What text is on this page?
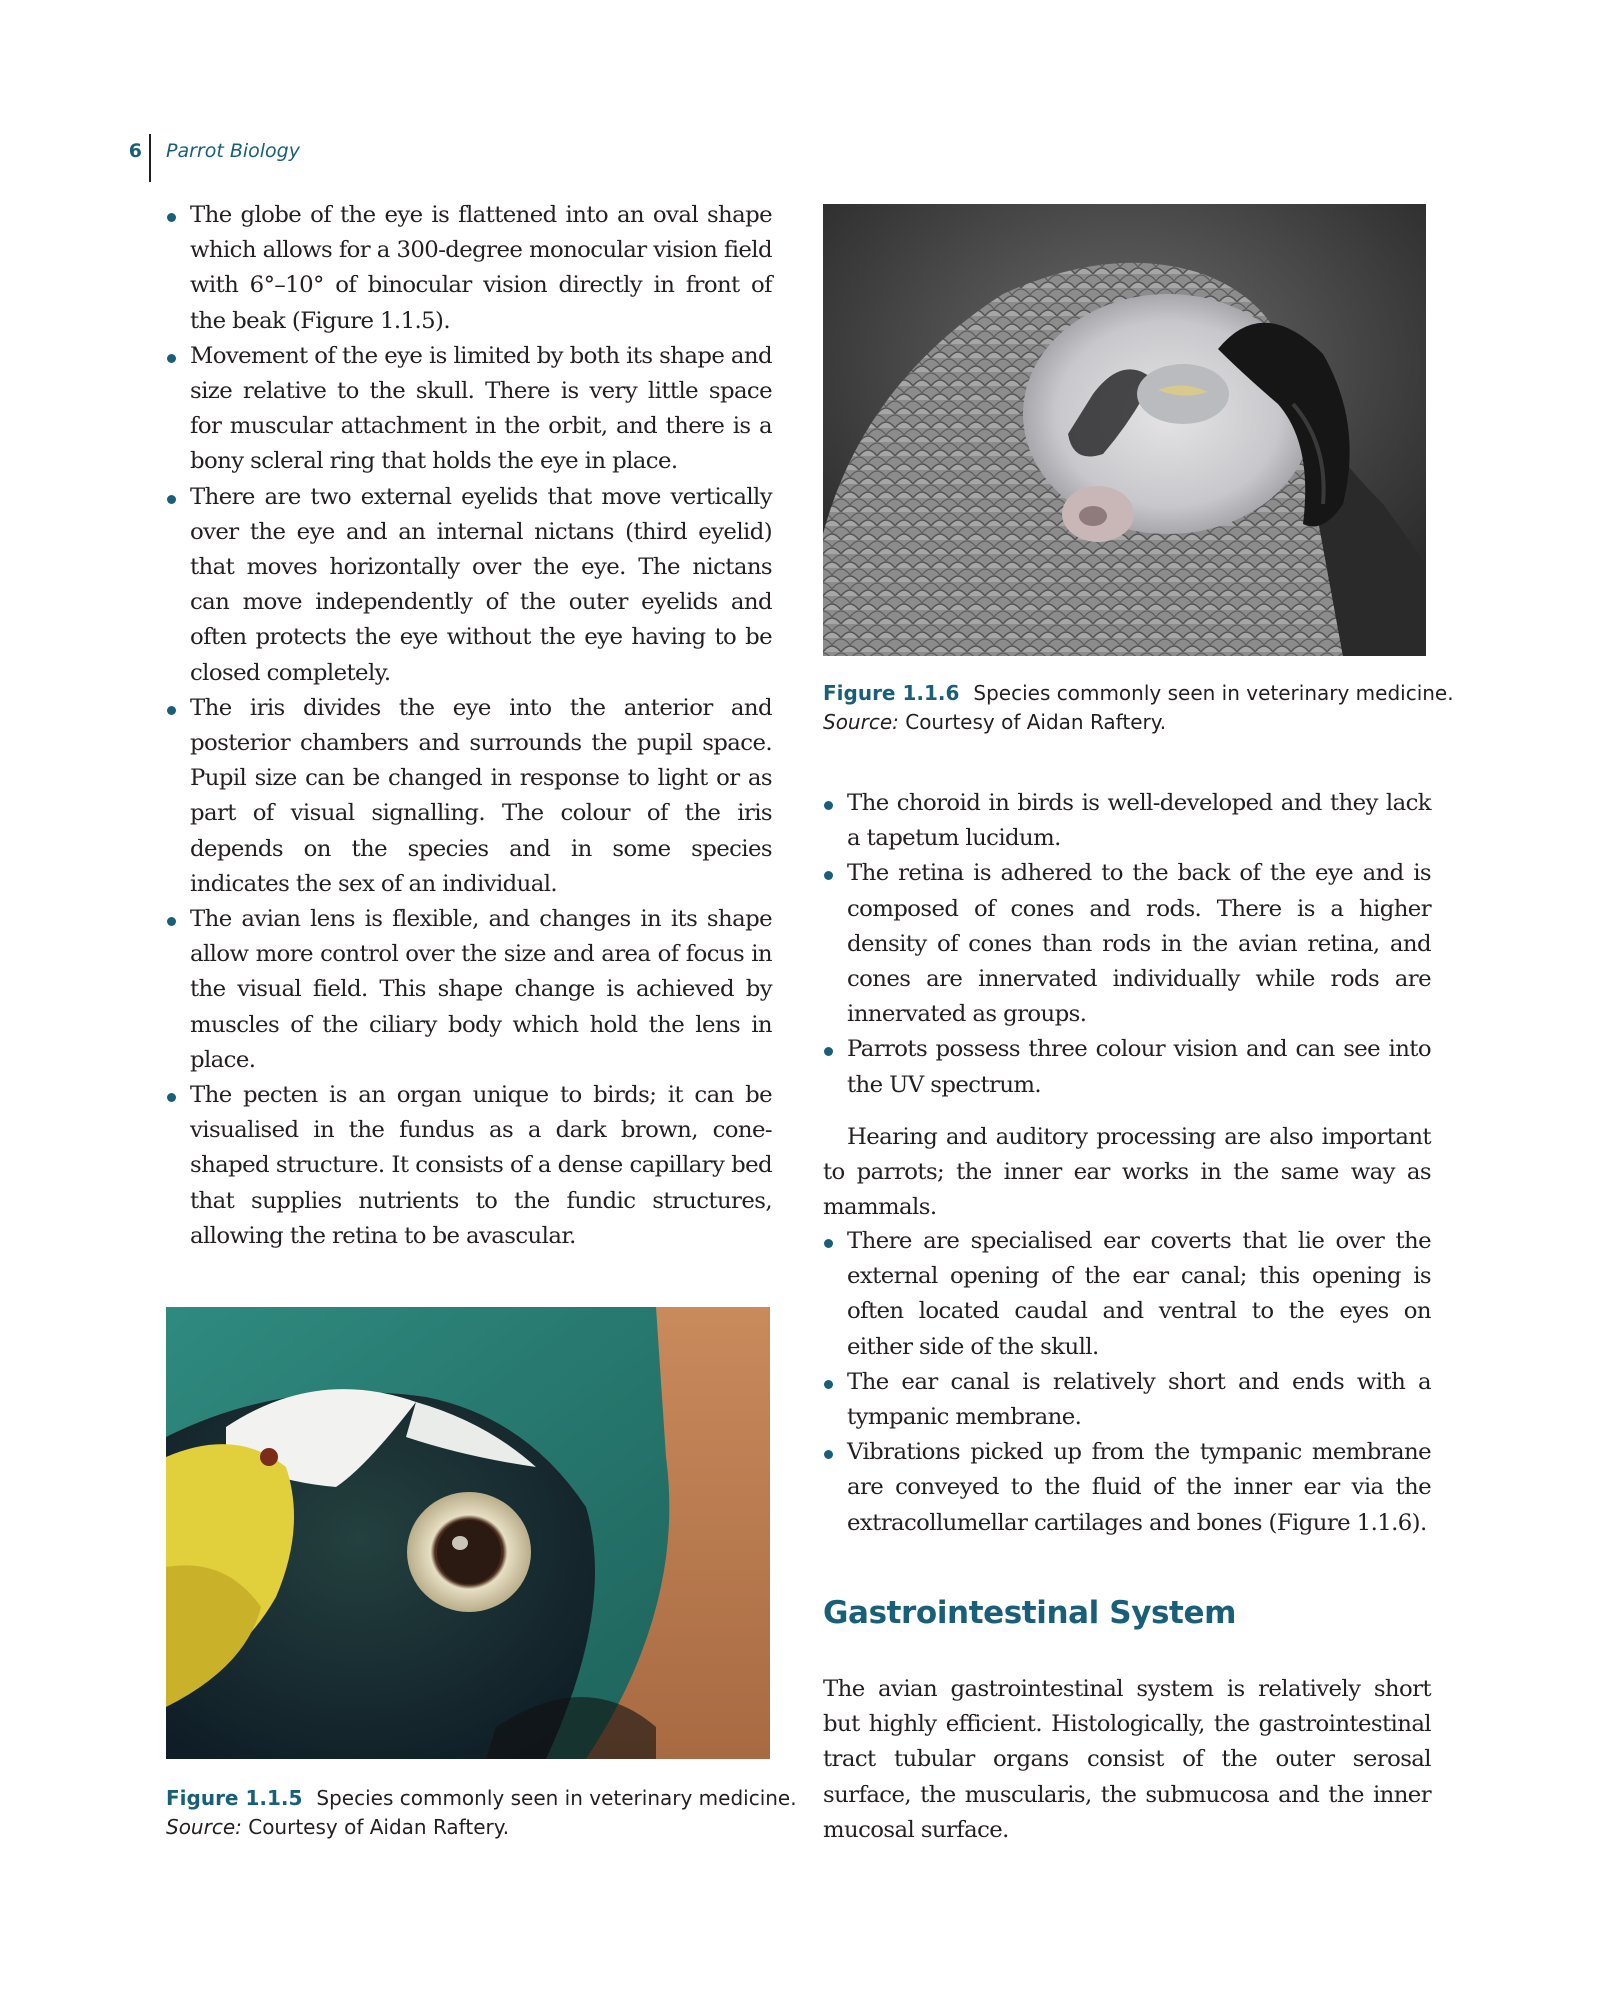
6 Parrot Biology
The globe of the eye is flattened into an oval shape which allows for a 300-degree monocular vision field with 6°–10° of binocular vision directly in front of the beak (Figure 1.1.5).
Movement of the eye is limited by both its shape and size relative to the skull. There is very little space for muscular attachment in the orbit, and there is a bony scleral ring that holds the eye in place.
There are two external eyelids that move vertically over the eye and an internal nictans (third eyelid) that moves horizontally over the eye. The nictans can move independently of the outer eyelids and often protects the eye without the eye having to be closed completely.
The iris divides the eye into the anterior and posterior chambers and surrounds the pupil space. Pupil size can be changed in response to light or as part of visual signalling. The colour of the iris depends on the species and in some species indicates the sex of an individual.
The avian lens is flexible, and changes in its shape allow more control over the size and area of focus in the visual field. This shape change is achieved by muscles of the ciliary body which hold the lens in place.
The pecten is an organ unique to birds; it can be visualised in the fundus as a dark brown, cone-shaped structure. It consists of a dense capillary bed that supplies nutrients to the fundic structures, allowing the retina to be avascular.

Figure 1.1.6 Species commonly seen in veterinary medicine. Source: Courtesy of Aidan Raftery.

The choroid in birds is well-developed and they lack a tapetum lucidum.
The retina is adhered to the back of the eye and is composed of cones and rods. There is a higher density of cones than rods in the avian retina, and cones are innervated individually while rods are innervated as groups.
Parrots possess three colour vision and can see into the UV spectrum.

Hearing and auditory processing are also important to parrots; the inner ear works in the same way as mammals.

There are specialised ear coverts that lie over the external opening of the ear canal; this opening is often located caudal and ventral to the eyes on either side of the skull.
The ear canal is relatively short and ends with a tympanic membrane.
Vibrations picked up from the tympanic membrane are conveyed to the fluid of the inner ear via the extracollumellar cartilages and bones (Figure 1.1.6).
Gastrointestinal System

The avian gastrointestinal system is relatively short but highly efficient. Histologically, the gastrointestinal tract tubular organs consist of the outer serosal surface, the muscularis, the submucosa and the inner mucosal surface.

Figure 1.1.5 Species commonly seen in veterinary medicine. Source: Courtesy of Aidan Raftery.
